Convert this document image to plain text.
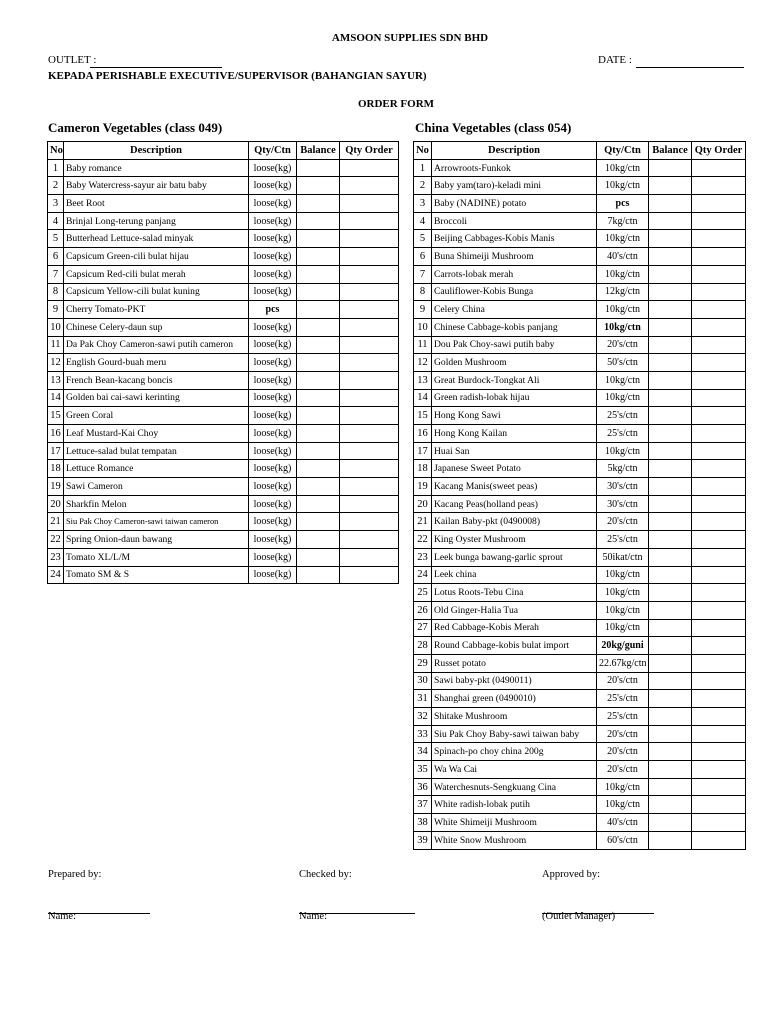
AMSOON SUPPLIES SDN BHD
OUTLET :	DATE :
KEPADA PERISHABLE EXECUTIVE/SUPERVISOR (BAHANGIAN SAYUR)
ORDER FORM
Cameron Vegetables (class 049)	China Vegetables (class 054)
No	Description	Qty/Ctn	Balance	Qty Order
1	Baby romance	loose(kg)		
2	Baby Watercress-sayur air batu baby	loose(kg)		
3	Beet Root	loose(kg)		
4	Brinjal Long-terung panjang	loose(kg)		
5	Butterhead Lettuce-salad minyak	loose(kg)		
6	Capsicum Green-cili bulat hijau	loose(kg)		
7	Capsicum Red-cili bulat merah	loose(kg)		
8	Capsicum Yellow-cili bulat kuning	loose(kg)		
9	Cherry Tomato-PKT	pcs		
10	Chinese Celery-daun sup	loose(kg)		
11	Da Pak Choy Cameron-sawi putih cameron	loose(kg)		
12	English Gourd-buah meru	loose(kg)		
13	French Bean-kacang boncis	loose(kg)		
14	Golden bai cai-sawi kerinting	loose(kg)		
15	Green Coral	loose(kg)		
16	Leaf Mustard-Kai Choy	loose(kg)		
17	Lettuce-salad bulat tempatan	loose(kg)		
18	Lettuce Romance	loose(kg)		
19	Sawi Cameron	loose(kg)		
20	Sharkfin Melon	loose(kg)		
21	Siu Pak Choy Cameron-sawi taiwan cameron	loose(kg)		
22	Spring Onion-daun bawang	loose(kg)		
23	Tomato XL/L/M	loose(kg)		
24	Tomato SM & S	loose(kg)		
No	Description	Qty/Ctn	Balance	Qty Order
1	Arrowroots-Funkok	10kg/ctn		
2	Baby yam(taro)-keladi mini	10kg/ctn		
3	Baby (NADINE) potato	pcs		
4	Broccoli	7kg/ctn		
5	Beijing Cabbages-Kobis Manis	10kg/ctn		
6	Buna Shimeiji Mushroom	40's/ctn		
7	Carrots-lobak merah	10kg/ctn		
8	Cauliflower-Kobis Bunga	12kg/ctn		
9	Celery China	10kg/ctn		
10	Chinese Cabbage-kobis panjang	10kg/ctn		
11	Dou Pak Choy-sawi putih baby	20's/ctn		
12	Golden Mushroom	50's/ctn		
13	Great Burdock-Tongkat Ali	10kg/ctn		
14	Green radish-lobak hijau	10kg/ctn		
15	Hong Kong Sawi	25's/ctn		
16	Hong Kong Kailan	25's/ctn		
17	Huai San	10kg/ctn		
18	Japanese Sweet Potato	5kg/ctn		
19	Kacang Manis(sweet peas)	30's/ctn		
20	Kacang Peas(holland peas)	30's/ctn		
21	Kailan Baby-pkt (0490008)	20's/ctn		
22	King Oyster Mushroom	25's/ctn		
23	Leek bunga bawang-garlic sprout	50ikat/ctn		
24	Leek china	10kg/ctn		
25	Lotus Roots-Tebu Cina	10kg/ctn		
26	Old Ginger-Halia Tua	10kg/ctn		
27	Red Cabbage-Kobis Merah	10kg/ctn		
28	Round Cabbage-kobis bulat import	20kg/guni		
29	Russet potato	22.67kg/ctn		
30	Sawi baby-pkt (0490011)	20's/ctn		
31	Shanghai green (0490010)	25's/ctn		
32	Shitake Mushroom	25's/ctn		
33	Siu Pak Choy Baby-sawi taiwan baby	20's/ctn		
34	Spinach-po choy china 200g	20's/ctn		
35	Wa Wa Cai	20's/ctn		
36	Waterchesnuts-Sengkuang Cina	10kg/ctn		
37	White radish-lobak putih	10kg/ctn		
38	White Shimeiji Mushroom	40's/ctn		
39	White Snow Mushroom	60's/ctn		
Prepared by:	Checked by:	Approved by:
Name:	Name:	(Outlet Manager)
